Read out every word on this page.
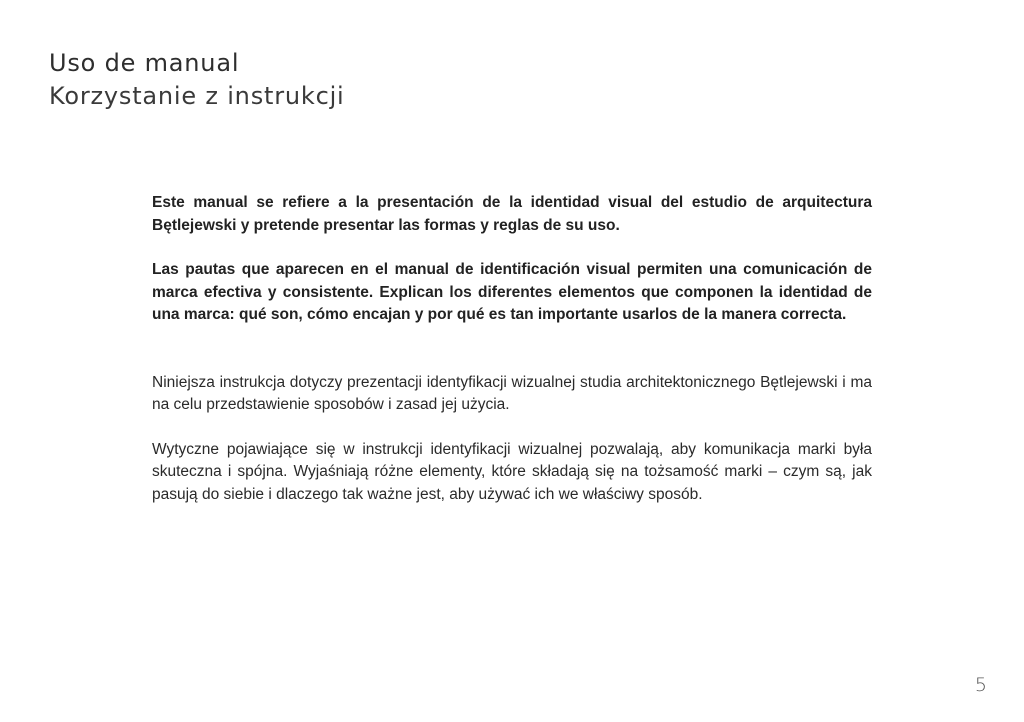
Uso de manual
Korzystanie z instrukcji

Este manual se refiere a la presentación de la identidad visual del estudio de arquitectura Bętlejewski y pretende presentar las formas y reglas de su uso.

Las pautas que aparecen en el manual de identificación visual permiten una comunicación de marca efectiva y consistente. Explican los diferentes elementos que componen la identidad de una marca: qué son, cómo encajan y por qué es tan importante usarlos de la manera correcta.

Niniejsza instrukcja dotyczy prezentacji identyfikacji wizualnej studia architektonicznego Bętlejewski i ma na celu przedstawienie sposobów i zasad jej użycia.

Wytyczne pojawiające się w instrukcji identyfikacji wizualnej pozwalają, aby komunikacja marki była skuteczna i spójna. Wyjaśniają różne elementy, które składają się na tożsamość marki – czym są, jak pasują do siebie i dlaczego tak ważne jest, aby używać ich we właściwy sposób.

5
